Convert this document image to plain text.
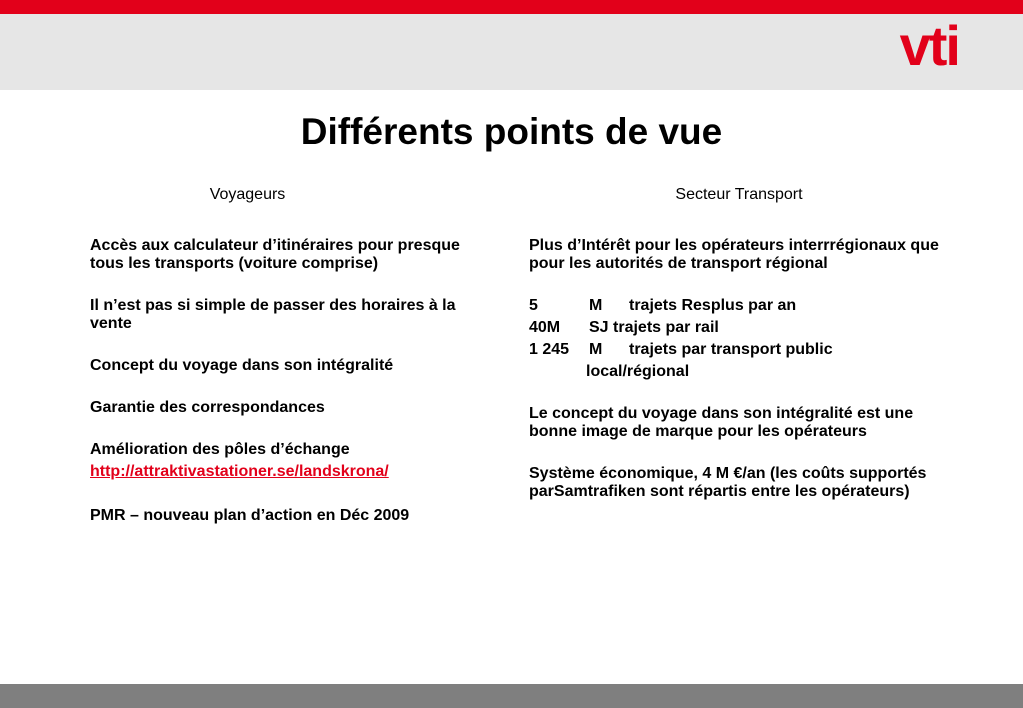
vti
Différents points de vue

Voyageurs

Accès aux calculateur d’itinéraires pour presque tous les transports (voiture comprise)

Il n’est pas si simple de passer des horaires à la vente

Concept du voyage dans son intégralité

Garantie des correspondances

Amélioration des pôles d’échange

http://attraktivastationer.se/landskrona/

PMR – nouveau plan d’action en Déc 2009

Secteur Transport

Plus d’Intérêt pour les opérateurs interrrégionaux que pour les autorités de transport régional

5	M	trajets Resplus par an
40M	SJ trajets par rail
1 245	M	trajets par transport public

local/régional

Le concept du voyage dans son intégralité est une bonne image de marque pour les opérateurs

Système économique, 4 M €/an (les coûts supportés parSamtrafiken sont répartis entre les opérateurs)
